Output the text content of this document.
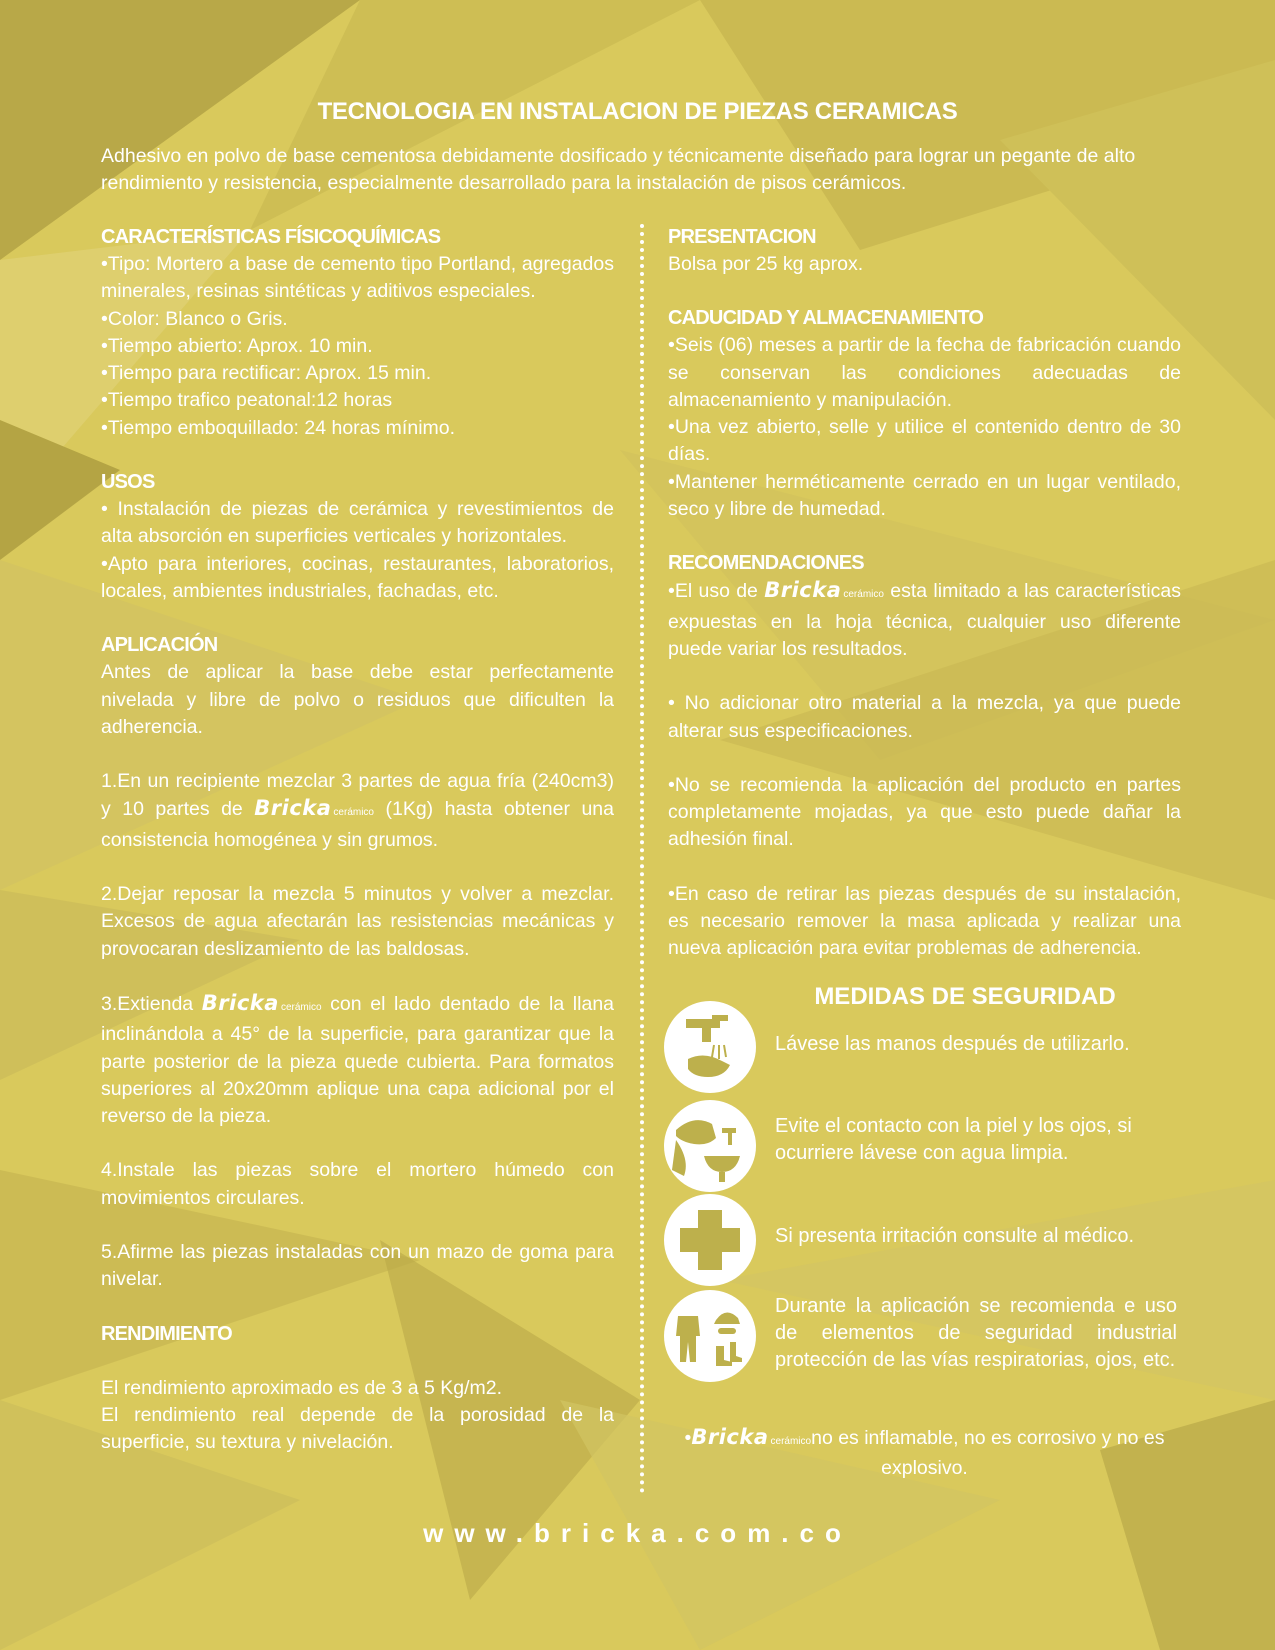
TECNOLOGIA EN INSTALACION DE PIEZAS CERAMICAS
Adhesivo en polvo de base cementosa debidamente dosificado y técnicamente diseñado para lograr un pegante de alto rendimiento y resistencia, especialmente desarrollado para la instalación de pisos cerámicos.
CARACTERÍSTICAS FÍSICOQUÍMICAS

•Tipo: Mortero a base de cemento tipo Portland, agregados minerales, resinas sintéticas y aditivos especiales.

•Color: Blanco o Gris.

•Tiempo abierto: Aprox. 10 min.

•Tiempo para rectificar: Aprox. 15 min.

•Tiempo trafico peatonal:12 horas

•Tiempo emboquillado: 24 horas mínimo.

USOS

• Instalación de piezas de cerámica y revestimientos de alta absorción en superficies verticales y horizontales.

•Apto para interiores, cocinas, restaurantes, laboratorios, locales, ambientes industriales, fachadas, etc.

APLICACIÓN

Antes de aplicar la base debe estar perfectamente nivelada y libre de polvo o residuos que dificulten la adherencia.

1.En un recipiente mezclar 3 partes de agua fría (240cm3) y 10 partes de Bricka cerámico (1Kg) hasta obtener una consistencia homogénea y sin grumos.

2.Dejar reposar la mezcla 5 minutos y volver a mezclar. Excesos de agua afectarán las resistencias mecánicas y provocaran deslizamiento de las baldosas.

3.Extienda Bricka cerámico con el lado dentado de la llana inclinándola a 45° de la superficie, para garantizar que la parte posterior de la pieza quede cubierta. Para formatos superiores al 20x20mm aplique una capa adicional por el reverso de la pieza.

4.Instale las piezas sobre el mortero húmedo con movimientos circulares.

5.Afirme las piezas instaladas con un mazo de goma para nivelar.

RENDIMIENTO

El rendimiento aproximado es de 3 a 5 Kg/m2.

El rendimiento real depende de la porosidad de la superficie, su textura y nivelación.

PRESENTACION

Bolsa por 25 kg aprox.

CADUCIDAD Y ALMACENAMIENTO

•Seis (06) meses a partir de la fecha de fabricación cuando se conservan las condiciones adecuadas de almacenamiento y manipulación.

•Una vez abierto, selle y utilice el contenido dentro de 30 días.

•Mantener herméticamente cerrado en un lugar ventilado, seco y libre de humedad.

RECOMENDACIONES

•El uso de Bricka cerámico esta limitado a las características expuestas en la hoja técnica, cualquier uso diferente puede variar los resultados.

• No adicionar otro material a la mezcla, ya que puede alterar sus especificaciones.

•No se recomienda la aplicación del producto en partes completamente mojadas, ya que esto puede dañar la adhesión final.

•En caso de retirar las piezas después de su instalación, es necesario remover la masa aplicada y realizar una nueva aplicación para evitar problemas de adherencia.

MEDIDAS DE SEGURIDAD
Lávese las manos después de utilizarlo.
Evite el contacto con la piel y los ojos, si ocurriere lávese con agua limpia.
Si presenta irritación consulte al médico.
Durante la aplicación se recomienda e uso de elementos de seguridad industrial protección de las vías respiratorias, ojos, etc.
•Bricka cerámicono es inflamable, no es corrosivo y no es explosivo.
www.bricka.com.co
